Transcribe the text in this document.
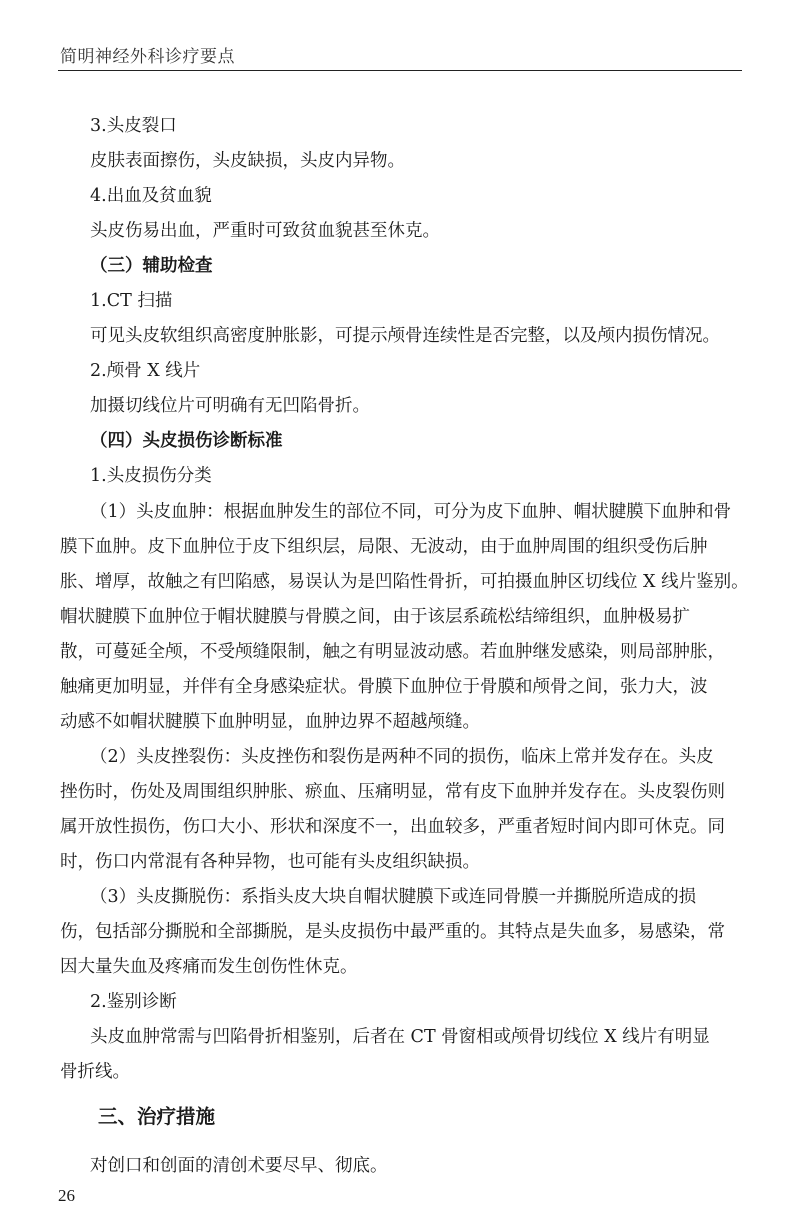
简明神经外科诊疗要点
3.头皮裂口
皮肤表面擦伤，头皮缺损，头皮内异物。
4.出血及贫血貌
头皮伤易出血，严重时可致贫血貌甚至休克。
（三）辅助检查
1.CT 扫描
可见头皮软组织高密度肿胀影，可提示颅骨连续性是否完整，以及颅内损伤情况。
2.颅骨 X 线片
加摄切线位片可明确有无凹陷骨折。
（四）头皮损伤诊断标准
1.头皮损伤分类
（1）头皮血肿：根据血肿发生的部位不同，可分为皮下血肿、帽状腱膜下血肿和骨
膜下血肿。皮下血肿位于皮下组织层，局限、无波动，由于血肿周围的组织受伤后肿
胀、增厚，故触之有凹陷感，易误认为是凹陷性骨折，可拍摄血肿区切线位 X 线片鉴别。
帽状腱膜下血肿位于帽状腱膜与骨膜之间，由于该层系疏松结缔组织，血肿极易扩
散，可蔓延全颅，不受颅缝限制，触之有明显波动感。若血肿继发感染，则局部肿胀，
触痛更加明显，并伴有全身感染症状。骨膜下血肿位于骨膜和颅骨之间，张力大，波
动感不如帽状腱膜下血肿明显，血肿边界不超越颅缝。
（2）头皮挫裂伤：头皮挫伤和裂伤是两种不同的损伤，临床上常并发存在。头皮
挫伤时，伤处及周围组织肿胀、瘀血、压痛明显，常有皮下血肿并发存在。头皮裂伤则
属开放性损伤，伤口大小、形状和深度不一，出血较多，严重者短时间内即可休克。同
时，伤口内常混有各种异物，也可能有头皮组织缺损。
（3）头皮撕脱伤：系指头皮大块自帽状腱膜下或连同骨膜一并撕脱所造成的损
伤，包括部分撕脱和全部撕脱，是头皮损伤中最严重的。其特点是失血多，易感染，常
因大量失血及疼痛而发生创伤性休克。
2.鉴别诊断
头皮血肿常需与凹陷骨折相鉴别，后者在 CT 骨窗相或颅骨切线位 X 线片有明显
骨折线。
三、治疗措施
对创口和创面的清创术要尽早、彻底。
26
